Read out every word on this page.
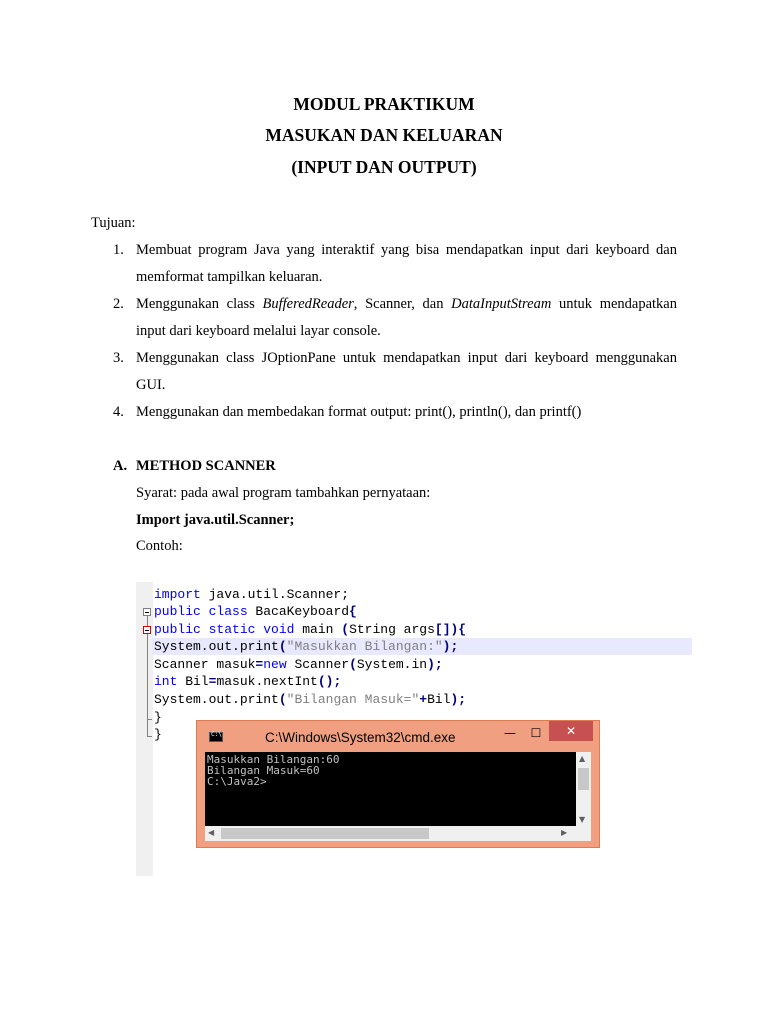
MODUL PRAKTIKUM
MASUKAN DAN KELUARAN
(INPUT DAN OUTPUT)
Tujuan:
1. Membuat program Java yang interaktif yang bisa mendapatkan input dari keyboard dan
memformat tampilkan keluaran.
2. Menggunakan class BufferedReader, Scanner, dan DataInputStream untuk mendapatkan
input dari keyboard melalui layar console.
3. Menggunakan class JOptionPane untuk mendapatkan input dari keyboard menggunakan
GUI.
4. Menggunakan dan membedakan format output: print(), println(), dan printf()
A. METHOD SCANNER
Syarat: pada awal program tambahkan pernyataan:
Import java.util.Scanner;
Contoh:
import java.util.Scanner;
public class BacaKeyboard{
public static void main (String args[]){
System.out.print("Masukkan Bilangan:");
Scanner masuk=new Scanner(System.in);
int Bil=masuk.nextInt();
System.out.print("Bilangan Masuk="+Bil);
}
}
C:\	C:\Windows\System32\cmd.exe	—	☐	✕
Masukkan Bilangan:60
Bilangan Masuk=60
C:\Java2>
▲
▼
◀	▶
